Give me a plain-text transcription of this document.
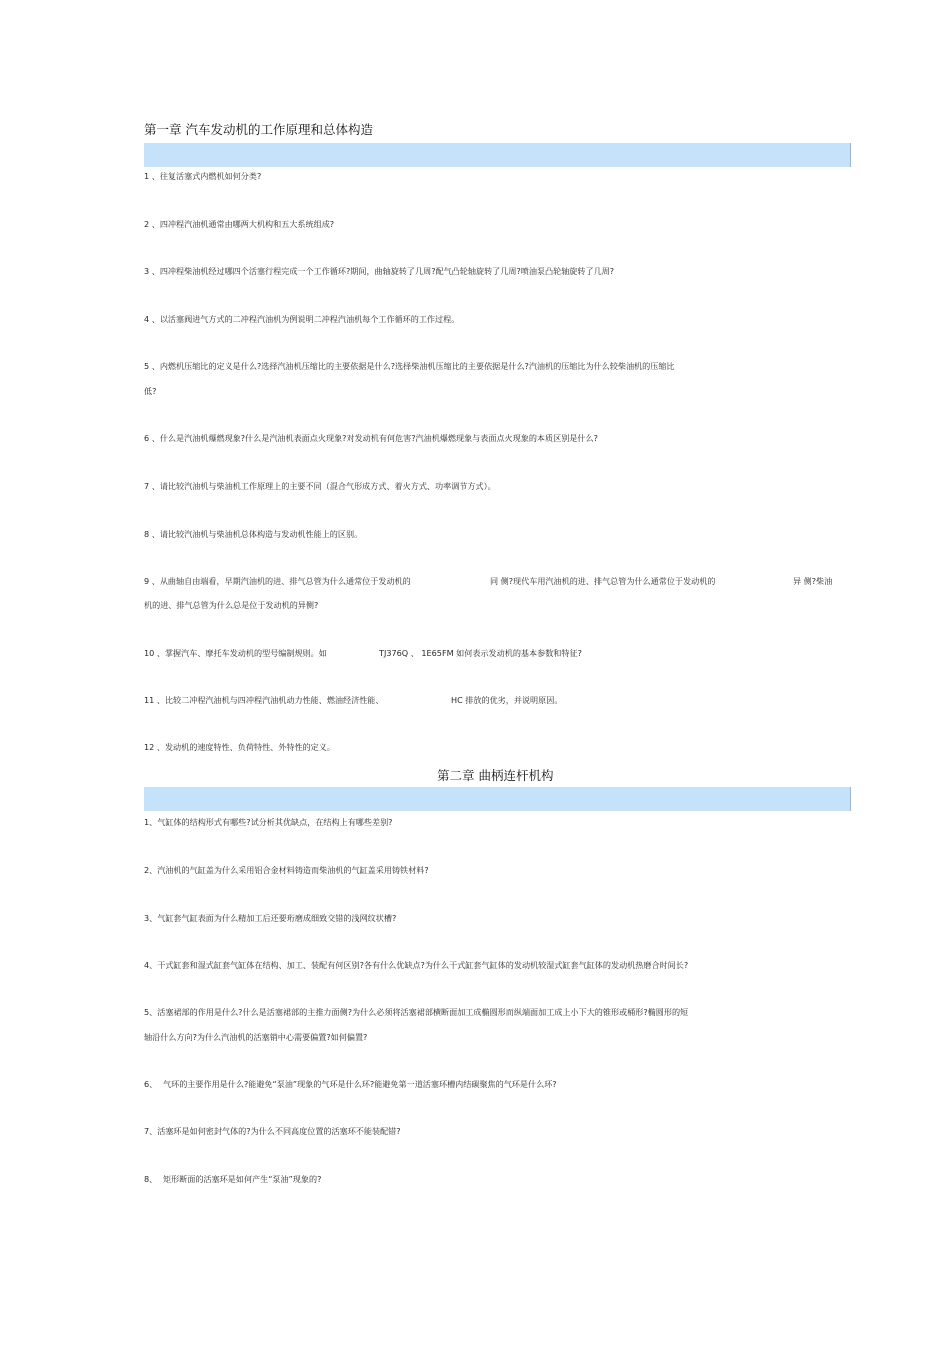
第一章 汽车发动机的工作原理和总体构造
1 、往复活塞式内燃机如何分类?
2 、四冲程汽油机通常由哪两大机构和五大系统组成?
3 、四冲程柴油机经过哪四个活塞行程完成一个工作循环?期间，曲轴旋转了几周?配气凸轮轴旋转了几周?喷油泵凸轮轴旋转了几周?
4 、以活塞阀进气方式的二冲程汽油机为例说明二冲程汽油机每个工作循环的工作过程。
5 、内燃机压缩比的定义是什么?选择汽油机压缩比的主要依据是什么?选择柴油机压缩比的主要依据是什么?汽油机的压缩比为什么较柴油机的压缩比
低?
6 、什么是汽油机爆燃现象?什么是汽油机表面点火现象?对发动机有何危害?汽油机爆燃现象与表面点火现象的本质区别是什么?
7 、请比较汽油机与柴油机工作原理上的主要不同（混合气形成方式、着火方式、功率调节方式）。
8 、请比较汽油机与柴油机总体构造与发动机性能上的区别。
9 、从曲轴自由端看，早期汽油机的进、排气总管为什么通常位于发动机的	同 侧?现代车用汽油机的进、排气总管为什么通常位于发动机的	异 侧?柴油
机的进、排气总管为什么总是位于发动机的异侧?
10 、掌握汽车、摩托车发动机的型号编制规则。如	TJ376Q 、 1E65FM 如何表示发动机的基本参数和特征?
11 、比较二冲程汽油机与四冲程汽油机动力性能、燃油经济性能、	HC 排放的优劣，并说明原因。
12 、发动机的速度特性、负荷特性、外特性的定义。
第二章 曲柄连杆机构
1、气缸体的结构形式有哪些?试分析其优缺点，在结构上有哪些差别?
2、汽油机的气缸盖为什么采用铝合金材料铸造而柴油机的气缸盖采用铸铁材料?
3、气缸套气缸表面为什么精加工后还要珩磨成细致交错的浅网纹状槽?
4、干式缸套和湿式缸套气缸体在结构、加工、装配有何区别?各有什么优缺点?为什么干式缸套气缸体的发动机较湿式缸套气缸体的发动机热磨合时间长?
5、活塞裙部的作用是什么?什么是活塞裙部的主推力面侧?为什么必须将活塞裙部横断面加工成椭圆形而纵端面加工成上小下大的锥形或桶形?椭圆形的短
轴沿什么方向?为什么汽油机的活塞销中心需要偏置?如何偏置?
6、 气环的主要作用是什么?能避免“泵油”现象的气环是什么环?能避免第一道活塞环槽内结碳聚焦的气环是什么环?
7、活塞环是如何密封气体的?为什么不同高度位置的活塞环不能装配错?
8、 矩形断面的活塞环是如何产生“泵油”现象的?
